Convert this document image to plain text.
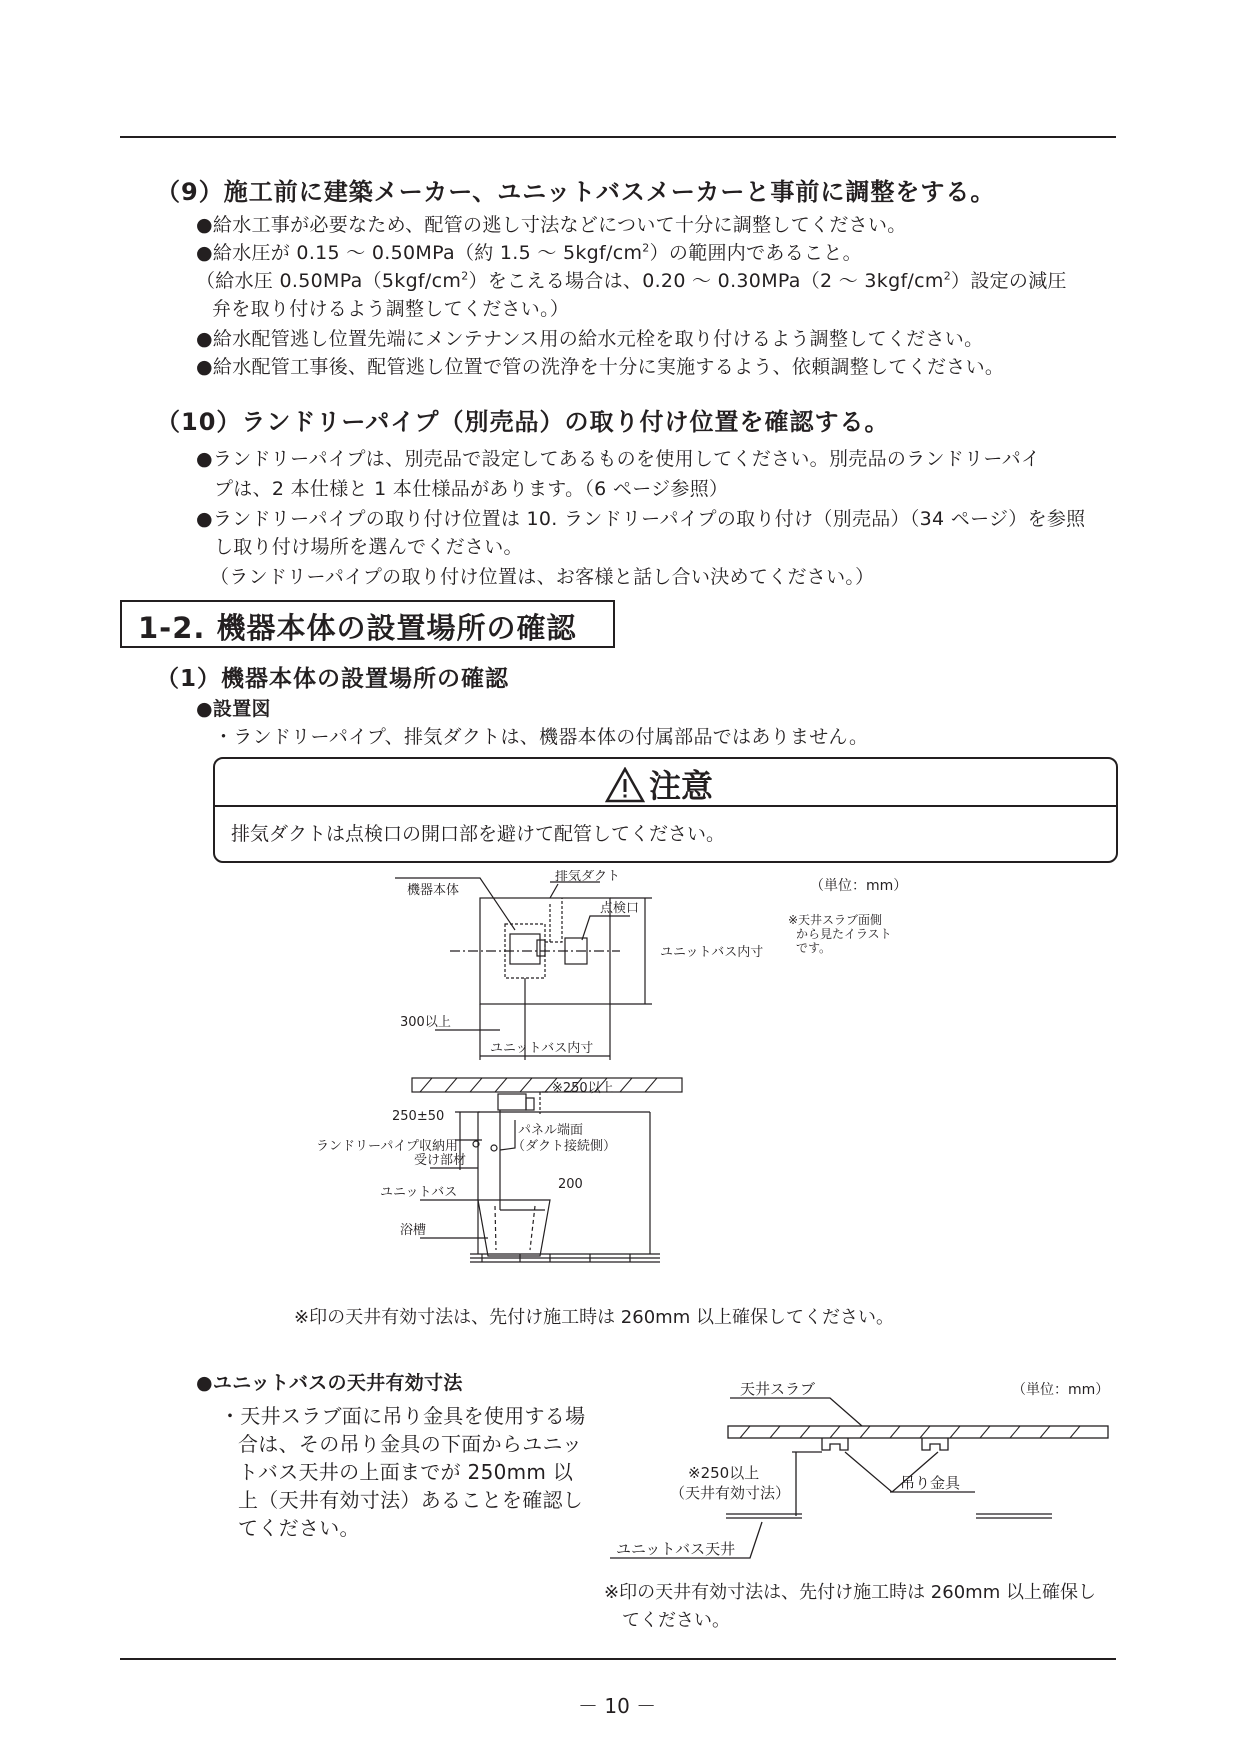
（9）施工前に建築メーカー、ユニットバスメーカーと事前に調整をする。
● 給水工事が必要なため、配管の逃し寸法などについて十分に調整してください。
●給水圧が 0.15 ～ 0.50MPa（約 1.5 ～ $5kgf/cm^2$）の範囲内であること。
（給水圧 $0.50MPa(5kgf/cm^2)$をこえる場合は、0.20 ～ 0.30MPa（2 ～ $3kgf/cm^2$）設定の減圧
弁を取り付けるよう調整してください。）
● 給水配管逃し位置先端にメンテナンス用の給水元栓を取り付けるよう調整してください。
● 給水配管工事後、配管逃し位置で管の洗浄を十分に実施するよう、依頼調整してください。
（10）ランドリーパイプ（別売品）の取り付け位置を確認する。
● ランドリーパイプは、別売品で設定してあるものを使用してください。別売品のランドリーパイ
プは、2 本仕様と 1 本仕様品があります。（6 ページ参照）
● ランドリーパイプの取り付け位置は 10. ランドリーパイプの取り付け（別売品）（34 ページ）を参照
し取り付け場所を選んでください。
（ランドリーパイプの取り付け位置は、お客様と話し合い決めてください。）
1-2. 機器本体の設置場所の確認
（1）機器本体の設置場所の確認
● 設置図
・ランドリーパイプ、排気ダクトは、機器本体の付属部品ではありません。
注意
排気ダクトは点検口の開口部を避けて配管してください。
機器本体
排気ダクト
点検口
ユニットバス内寸
300以上
ユニットバス内寸
（単位：mm）
※天井スラブ面側
から見たイラスト
です。
※250以上
250±50
ランドリーパイプ収納用
受け部材
パネル端面
（ダクト接続側）
200
ユニットバス
浴槽
※印の天井有効寸法は、先付け施工時は 260mm 以上確保してください。
● ユニットバスの天井有効寸法
・天井スラブ面に吊り金具を使用する場
合は、その吊り金具の下面からユニッ
トバス天井の上面までが 250mm 以
上（天井有効寸法）あることを確認し
てください。
天井スラブ	（単位：mm）
※250以上
（天井有効寸法）
吊り金具
ユニットバス天井
※印の天井有効寸法は、先付け施工時は 260mm 以上確保し
てください。
－ 10 －
